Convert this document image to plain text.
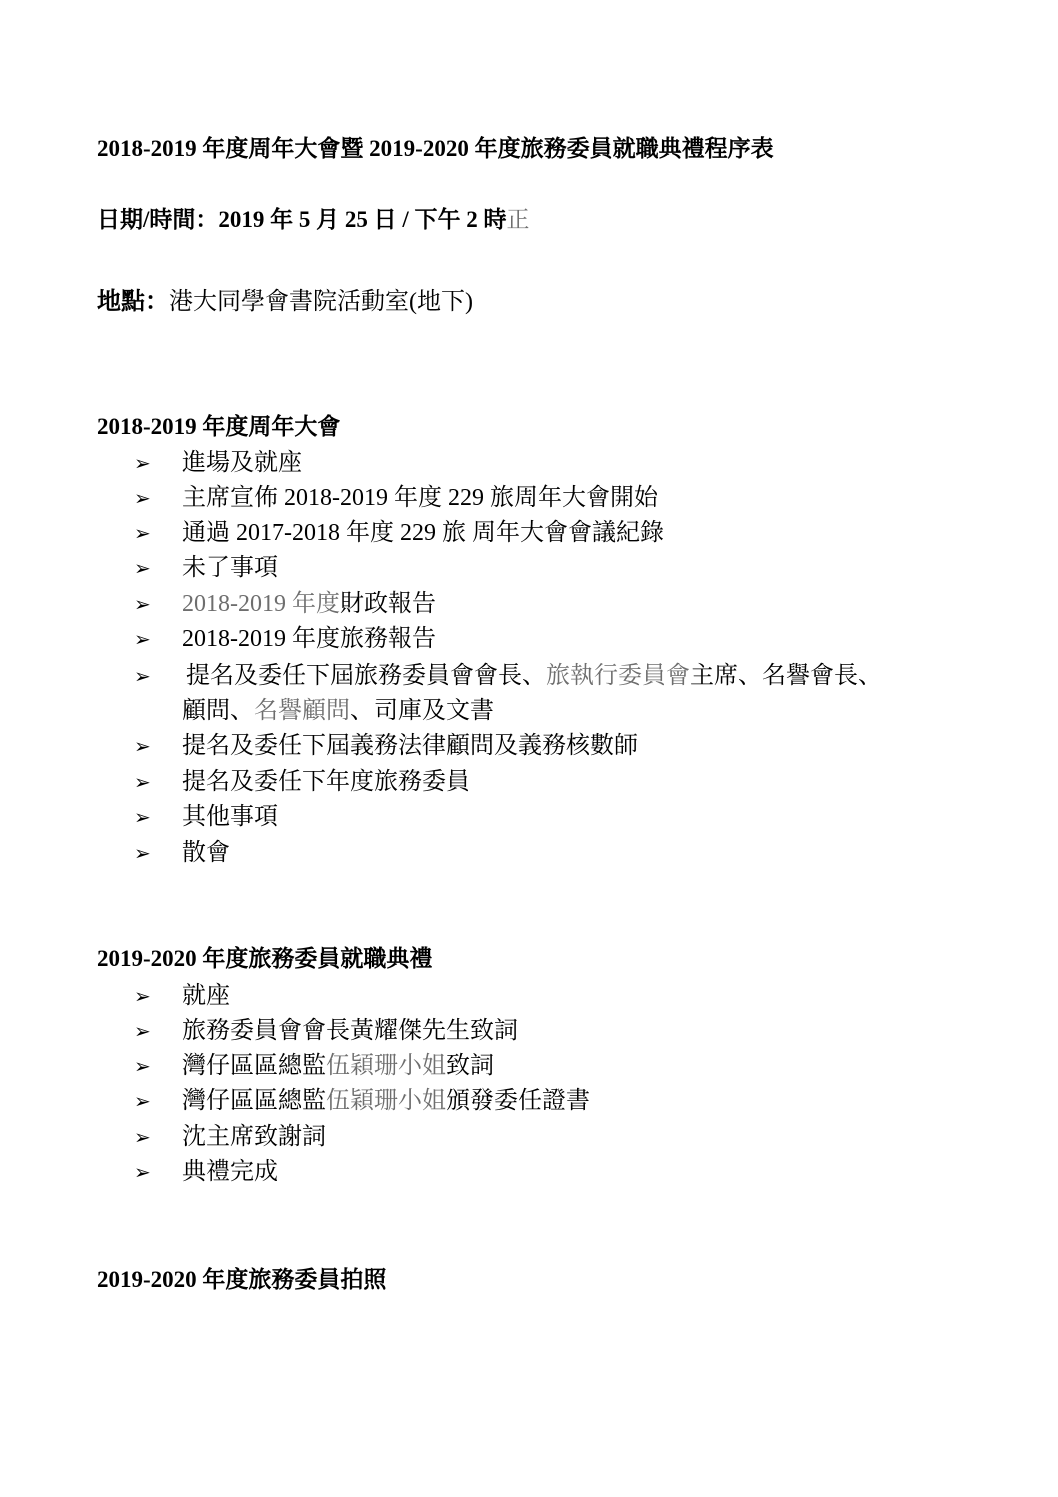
2018-2019 年度周年大會暨 2019-2020 年度旅務委員就職典禮程序表
日期/時間：2019 年 5 月 25 日 / 下午 2 時正
地點：港大同學會書院活動室(地下)
2018-2019 年度周年大會
➢ 進場及就座
➢ 主席宣佈 2018-2019 年度 229 旅周年大會開始
➢ 通過 2017-2018 年度 229 旅 周年大會會議紀錄
➢ 未了事項
➢ 2018-2019 年度財政報告
➢ 2018-2019 年度旅務報告
➢ 提名及委任下屆旅務委員會會長、旅執行委員會主席、名譽會長、
顧問、名譽顧問、司庫及文書
➢ 提名及委任下屆義務法律顧問及義務核數師
➢ 提名及委任下年度旅務委員
➢ 其他事項
➢ 散會
2019-2020 年度旅務委員就職典禮
➢ 就座
➢ 旅務委員會會長黃耀傑先生致詞
➢ 灣仔區區總監伍穎珊小姐致詞
➢ 灣仔區區總監伍穎珊小姐頒發委任證書
➢ 沈主席致謝詞
➢ 典禮完成
2019-2020 年度旅務委員拍照
